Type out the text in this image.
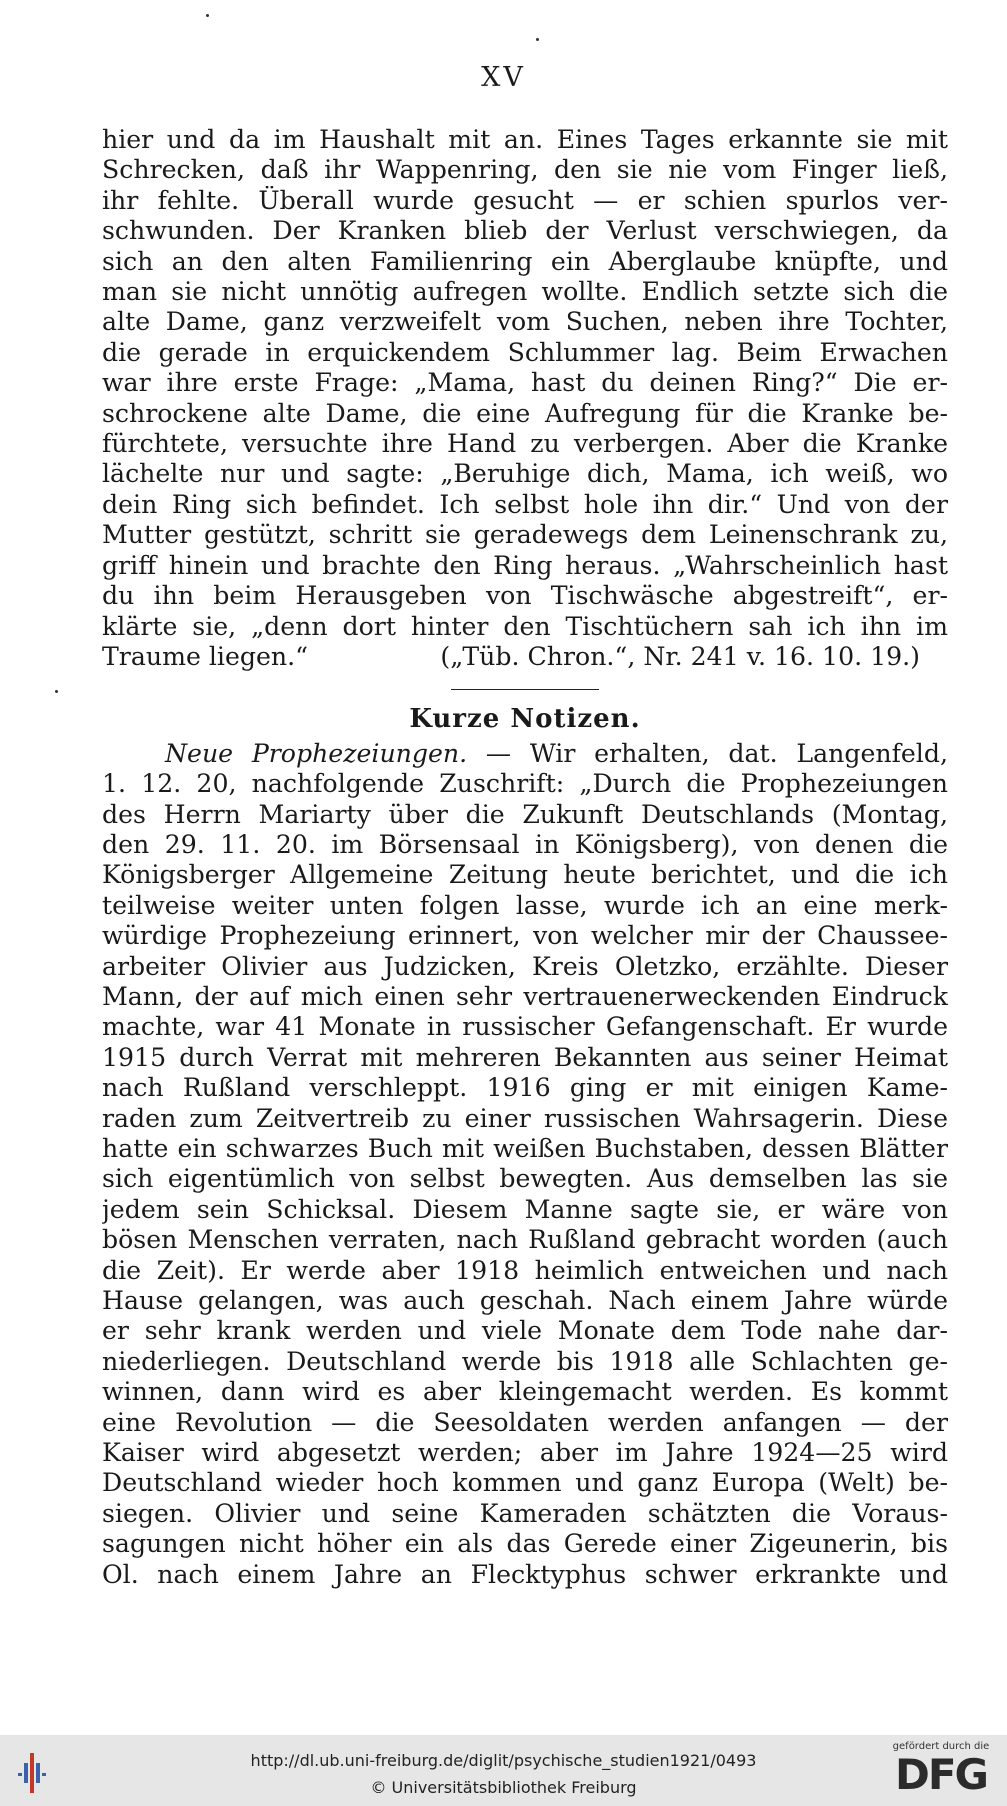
XV

hier und da im Haushalt mit an. Eines Tages erkannte sie mit
Schrecken, daß ihr Wappenring, den sie nie vom Finger ließ,
ihr fehlte. Überall wurde gesucht — er schien spurlos ver-
schwunden. Der Kranken blieb der Verlust verschwiegen, da
sich an den alten Familienring ein Aberglaube knüpfte, und
man sie nicht unnötig aufregen wollte. Endlich setzte sich die
alte Dame, ganz verzweifelt vom Suchen, neben ihre Tochter,
die gerade in erquickendem Schlummer lag. Beim Erwachen
war ihre erste Frage: „Mama, hast du deinen Ring?“ Die er-
schrockene alte Dame, die eine Aufregung für die Kranke be-
fürchtete, versuchte ihre Hand zu verbergen. Aber die Kranke
lächelte nur und sagte: „Beruhige dich, Mama, ich weiß, wo
dein Ring sich befindet. Ich selbst hole ihn dir.“ Und von der
Mutter gestützt, schritt sie geradewegs dem Leinenschrank zu,
griff hinein und brachte den Ring heraus. „Wahrscheinlich hast
du ihn beim Herausgeben von Tischwäsche abgestreift“, er-
klärte sie, „denn dort hinter den Tischtüchern sah ich ihn im

Traume liegen.“	(„Tüb. Chron.“, Nr. 241 v. 16. 10. 19.)
Kurze Notizen.

Neue Prophezeiungen. — Wir erhalten, dat. Langenfeld,
1. 12. 20, nachfolgende Zuschrift: „Durch die Prophezeiungen
des Herrn Mariarty über die Zukunft Deutschlands (Montag,
den 29. 11. 20. im Börsensaal in Königsberg), von denen die
Königsberger Allgemeine Zeitung heute berichtet, und die ich
teilweise weiter unten folgen lasse, wurde ich an eine merk-
würdige Prophezeiung erinnert, von welcher mir der Chaussee-
arbeiter Olivier aus Judzicken, Kreis Oletzko, erzählte. Dieser
Mann, der auf mich einen sehr vertrauenerweckenden Eindruck
machte, war 41 Monate in russischer Gefangenschaft. Er wurde
1915 durch Verrat mit mehreren Bekannten aus seiner Heimat
nach Rußland verschleppt. 1916 ging er mit einigen Kame-
raden zum Zeitvertreib zu einer russischen Wahrsagerin. Diese
hatte ein schwarzes Buch mit weißen Buchstaben, dessen Blätter
sich eigentümlich von selbst bewegten. Aus demselben las sie
jedem sein Schicksal. Diesem Manne sagte sie, er wäre von
bösen Menschen verraten, nach Rußland gebracht worden (auch
die Zeit). Er werde aber 1918 heimlich entweichen und nach
Hause gelangen, was auch geschah. Nach einem Jahre würde
er sehr krank werden und viele Monate dem Tode nahe dar-
niederliegen. Deutschland werde bis 1918 alle Schlachten ge-
winnen, dann wird es aber kleingemacht werden. Es kommt
eine Revolution — die Seesoldaten werden anfangen — der
Kaiser wird abgesetzt werden; aber im Jahre 1924—25 wird
Deutschland wieder hoch kommen und ganz Europa (Welt) be-
siegen. Olivier und seine Kameraden schätzten die Voraus-
sagungen nicht höher ein als das Gerede einer Zigeunerin, bis
Ol. nach einem Jahre an Flecktyphus schwer erkrankte und

http://dl.ub.uni-freiburg.de/diglit/psychische_studien1921/0493
© Universitätsbibliothek Freiburg
gefördert durch die
DFG
